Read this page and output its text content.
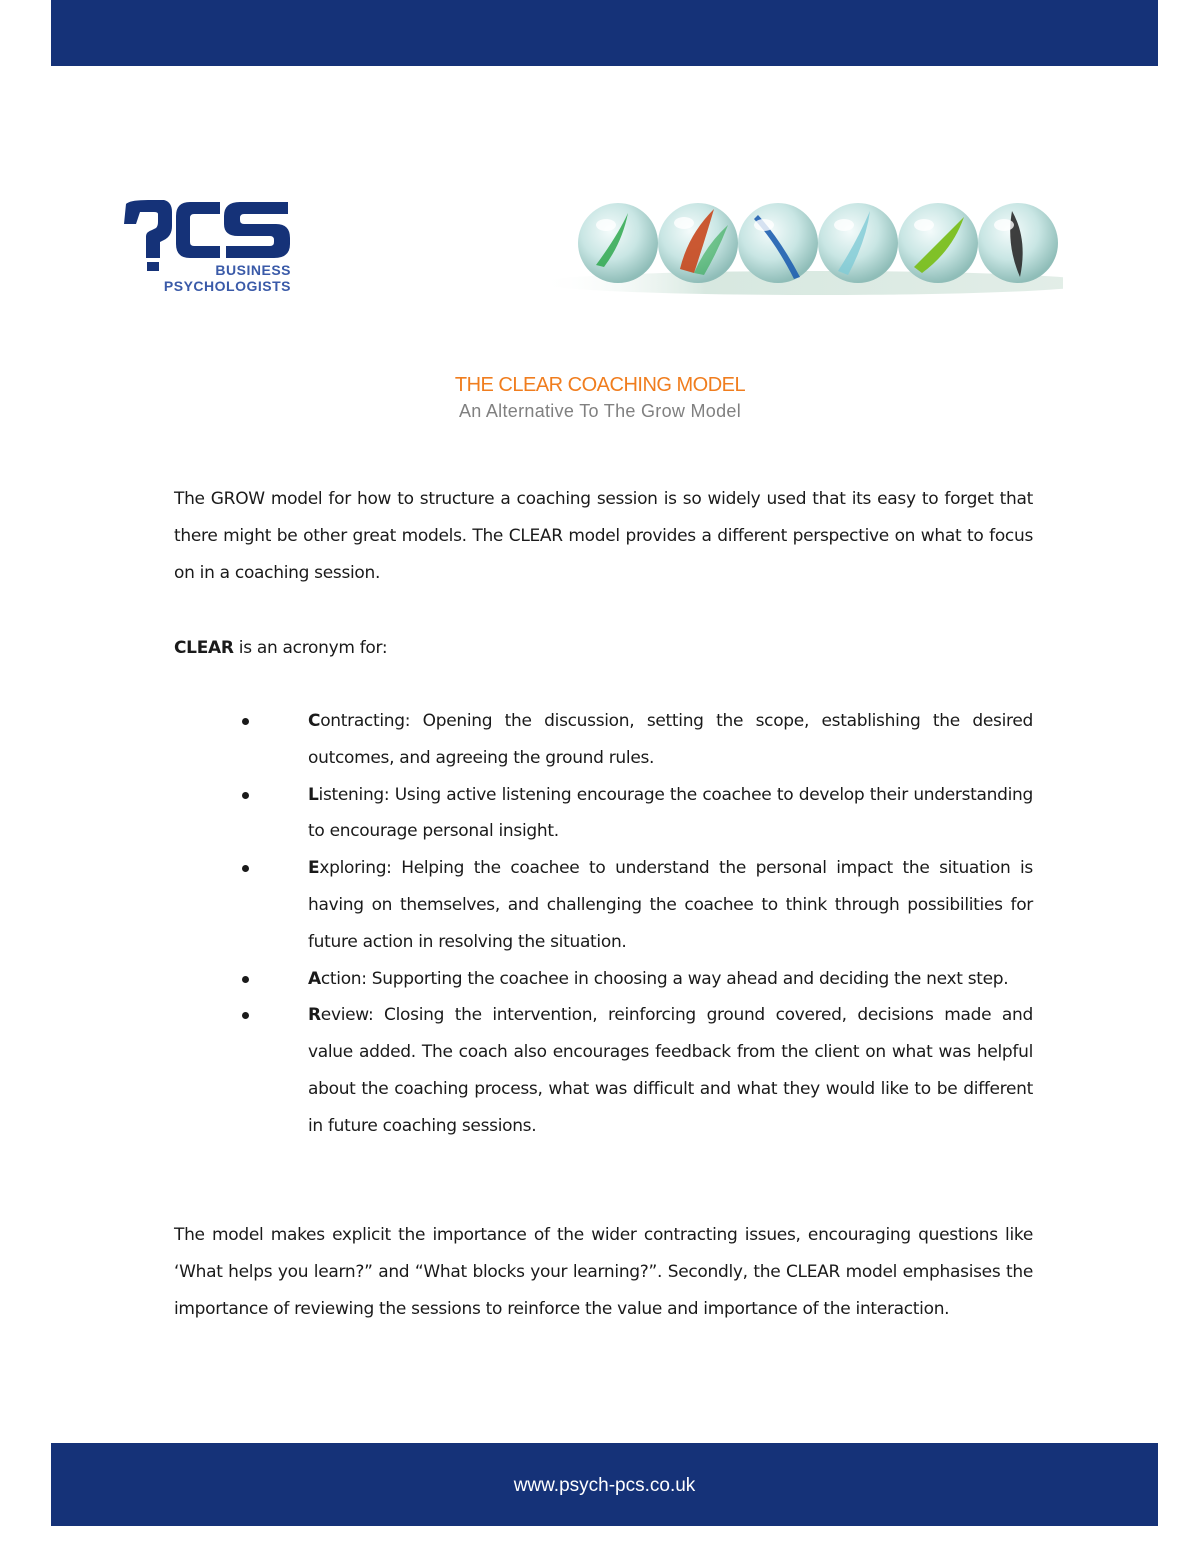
BUSINESS
PSYCHOLOGISTS
THE CLEAR COACHING MODEL
An Alternative To The Grow Model
The GROW model for how to structure a coaching session is so widely used that its easy to forget that there might be other great models. The CLEAR model provides a different perspective on what to focus on in a coaching session.
CLEAR is an acronym for:
Contracting: Opening the discussion, setting the scope, establishing the desired outcomes, and agreeing the ground rules.
Listening: Using active listening encourage the coachee to develop their understanding to encourage personal insight.
Exploring: Helping the coachee to understand the personal impact the situation is having on themselves, and challenging the coachee to think through possibilities for future action in resolving the situation.
Action: Supporting the coachee in choosing a way ahead and deciding the next step.
Review: Closing the intervention, reinforcing ground covered, decisions made and value added. The coach also encourages feedback from the client on what was helpful about the coaching process, what was difficult and what they would like to be different in future coaching sessions.
The model makes explicit the importance of the wider contracting issues, encouraging questions like ‘What helps you learn?” and “What blocks your learning?”. Secondly, the CLEAR model emphasises the importance of reviewing the sessions to reinforce the value and importance of the interaction.
www.psych-pcs.co.uk
